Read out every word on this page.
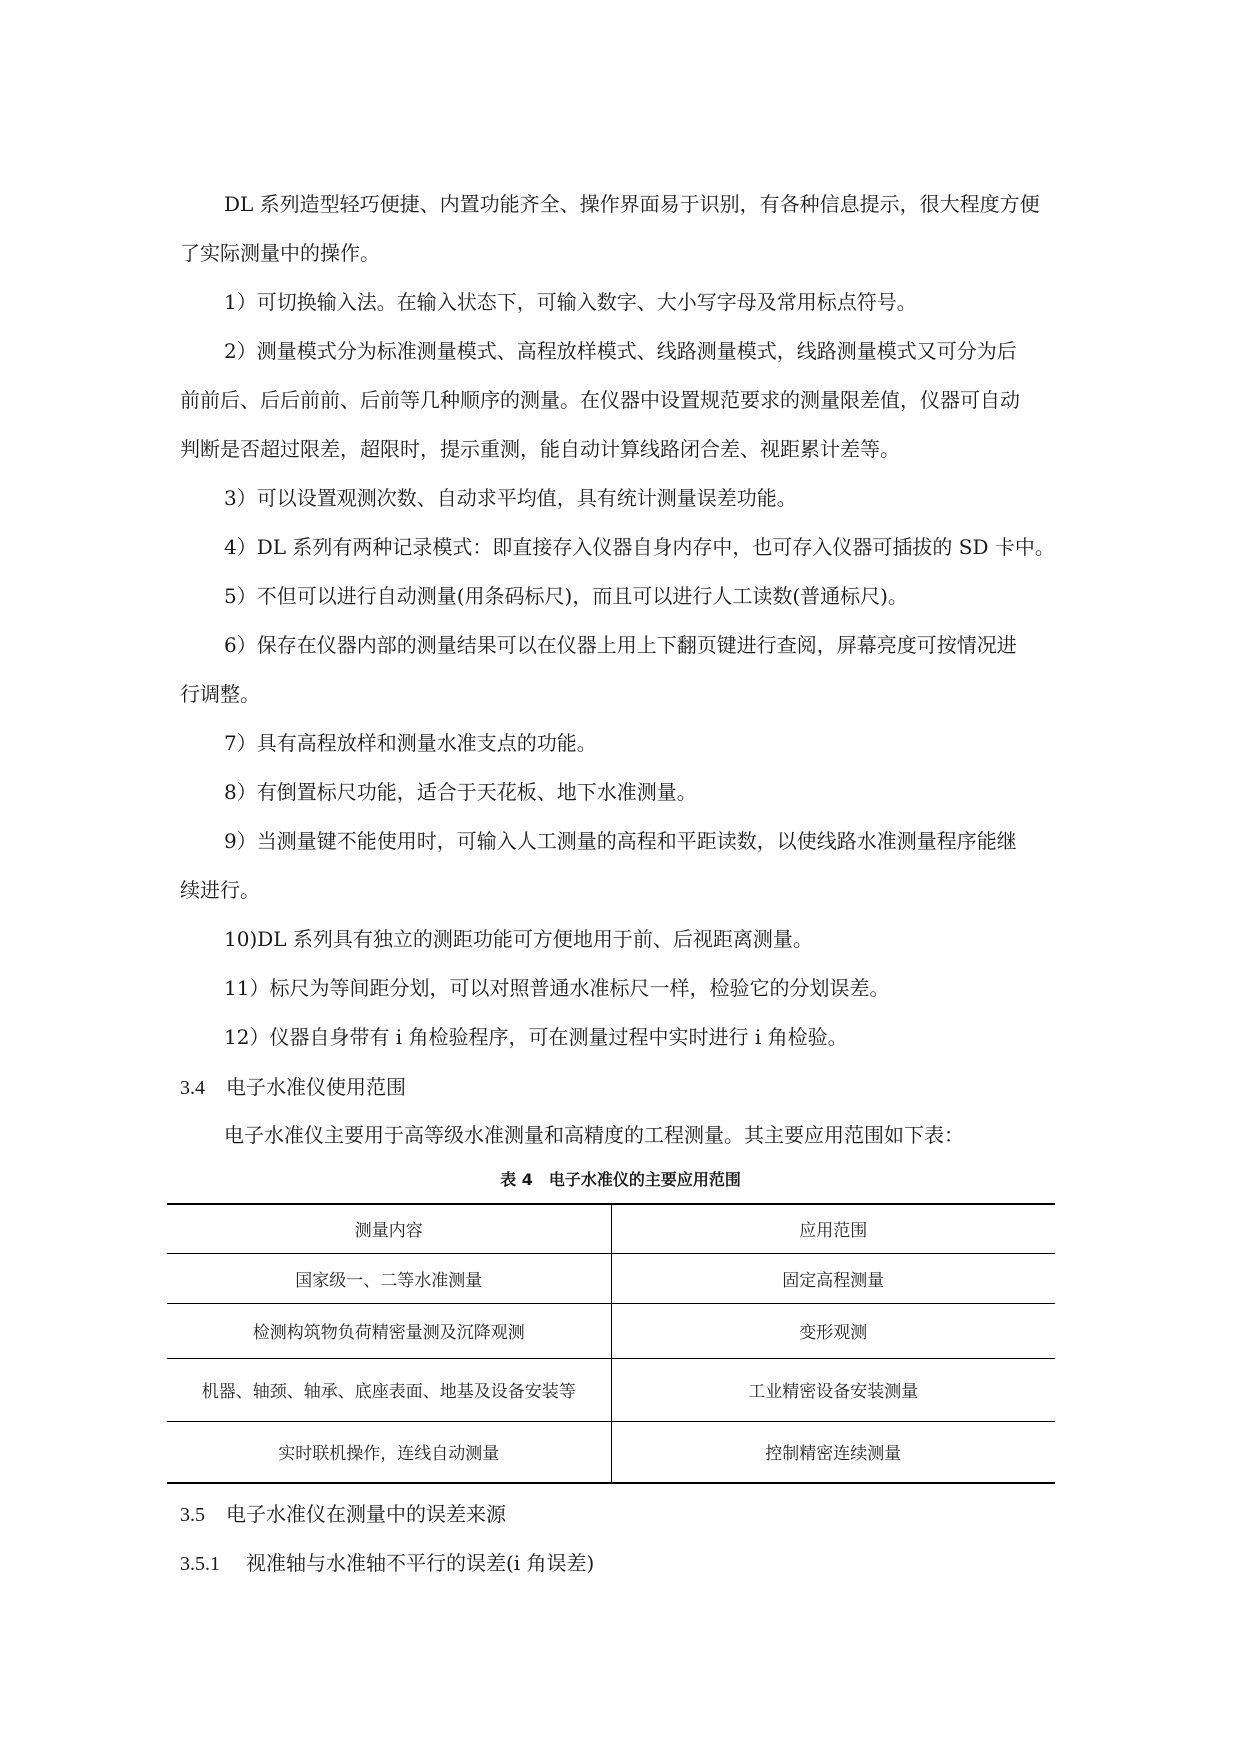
DL 系列造型轻巧便捷、内置功能齐全、操作界面易于识别，有各种信息提示，很大程度方便
了实际测量中的操作。

1）可切换输入法。在输入状态下，可输入数字、大小写字母及常用标点符号。

2）测量模式分为标准测量模式、高程放样模式、线路测量模式，线路测量模式又可分为后
前前后、后后前前、后前等几种顺序的测量。在仪器中设置规范要求的测量限差值，仪器可自动
判断是否超过限差，超限时，提示重测，能自动计算线路闭合差、视距累计差等。

3）可以设置观测次数、自动求平均值，具有统计测量误差功能。

4）DL 系列有两种记录模式：即直接存入仪器自身内存中，也可存入仪器可插拔的 SD 卡中。

5）不但可以进行自动测量(用条码标尺)，而且可以进行人工读数(普通标尺)。

6）保存在仪器内部的测量结果可以在仪器上用上下翻页键进行查阅，屏幕亮度可按情况进
行调整。

7）具有高程放样和测量水准支点的功能。

8）有倒置标尺功能，适合于天花板、地下水准测量。

9）当测量键不能使用时，可输入人工测量的高程和平距读数，以使线路水准测量程序能继
续进行。

10)DL 系列具有独立的测距功能可方便地用于前、后视距离测量。

11）标尺为等间距分划，可以对照普通水准标尺一样，检验它的分划误差。

12）仪器自身带有 i 角检验程序，可在测量过程中实时进行 i 角检验。

3.4 电子水准仪使用范围

电子水准仪主要用于高等级水准测量和高精度的工程测量。其主要应用范围如下表：

表 4　电子水准仪的主要应用范围

测量内容	应用范围
国家级一、二等水准测量	固定高程测量
检测构筑物负荷精密量测及沉降观测	变形观测
机器、轴颈、轴承、底座表面、地基及设备安装等	工业精密设备安装测量
实时联机操作，连线自动测量	控制精密连续测量

3.5 电子水准仪在测量中的误差来源

3.5.1 视准轴与水准轴不平行的误差(i 角误差)
